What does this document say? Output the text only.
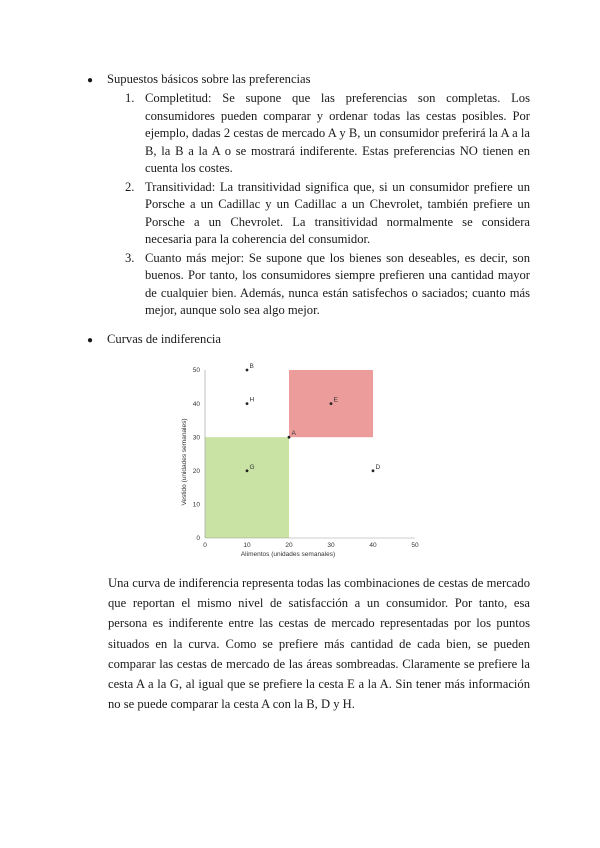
●	Supuestos básicos sobre las preferencias
1. Completitud: Se supone que las preferencias son completas. Los consumidores pueden comparar y ordenar todas las cestas posibles. Por ejemplo, dadas 2 cestas de mercado A y B, un consumidor preferirá la A a la B, la B a la A o se mostrará indiferente. Estas preferencias NO tienen en cuenta los costes.
2. Transitividad: La transitividad significa que, si un consumidor prefiere un Porsche a un Cadillac y un Cadillac a un Chevrolet, también prefiere un Porsche a un Chevrolet. La transitividad normalmente se considera necesaria para la coherencia del consumidor.
3. Cuanto más mejor: Se supone que los bienes son deseables, es decir, son buenos. Por tanto, los consumidores siempre prefieren una cantidad mayor de cualquier bien. Además, nunca están satisfechos o saciados; cuanto más mejor, aunque solo sea algo mejor.
●	Curvas de indiferencia
0	10	20	30	40	50
0
10
20
30
40
50
A
B
H	E
G	D
Alimentos (unidades semanales)
Vestido (unidades semanales)
Una curva de indiferencia representa todas las combinaciones de cestas de mercado que reportan el mismo nivel de satisfacción a un consumidor. Por tanto, esa persona es indiferente entre las cestas de mercado representadas por los puntos situados en la curva. Como se prefiere más cantidad de cada bien, se pueden comparar las cestas de mercado de las áreas sombreadas. Claramente se prefiere la cesta A a la G, al igual que se prefiere la cesta E a la A. Sin tener más información no se puede comparar la cesta A con la B, D y H.
